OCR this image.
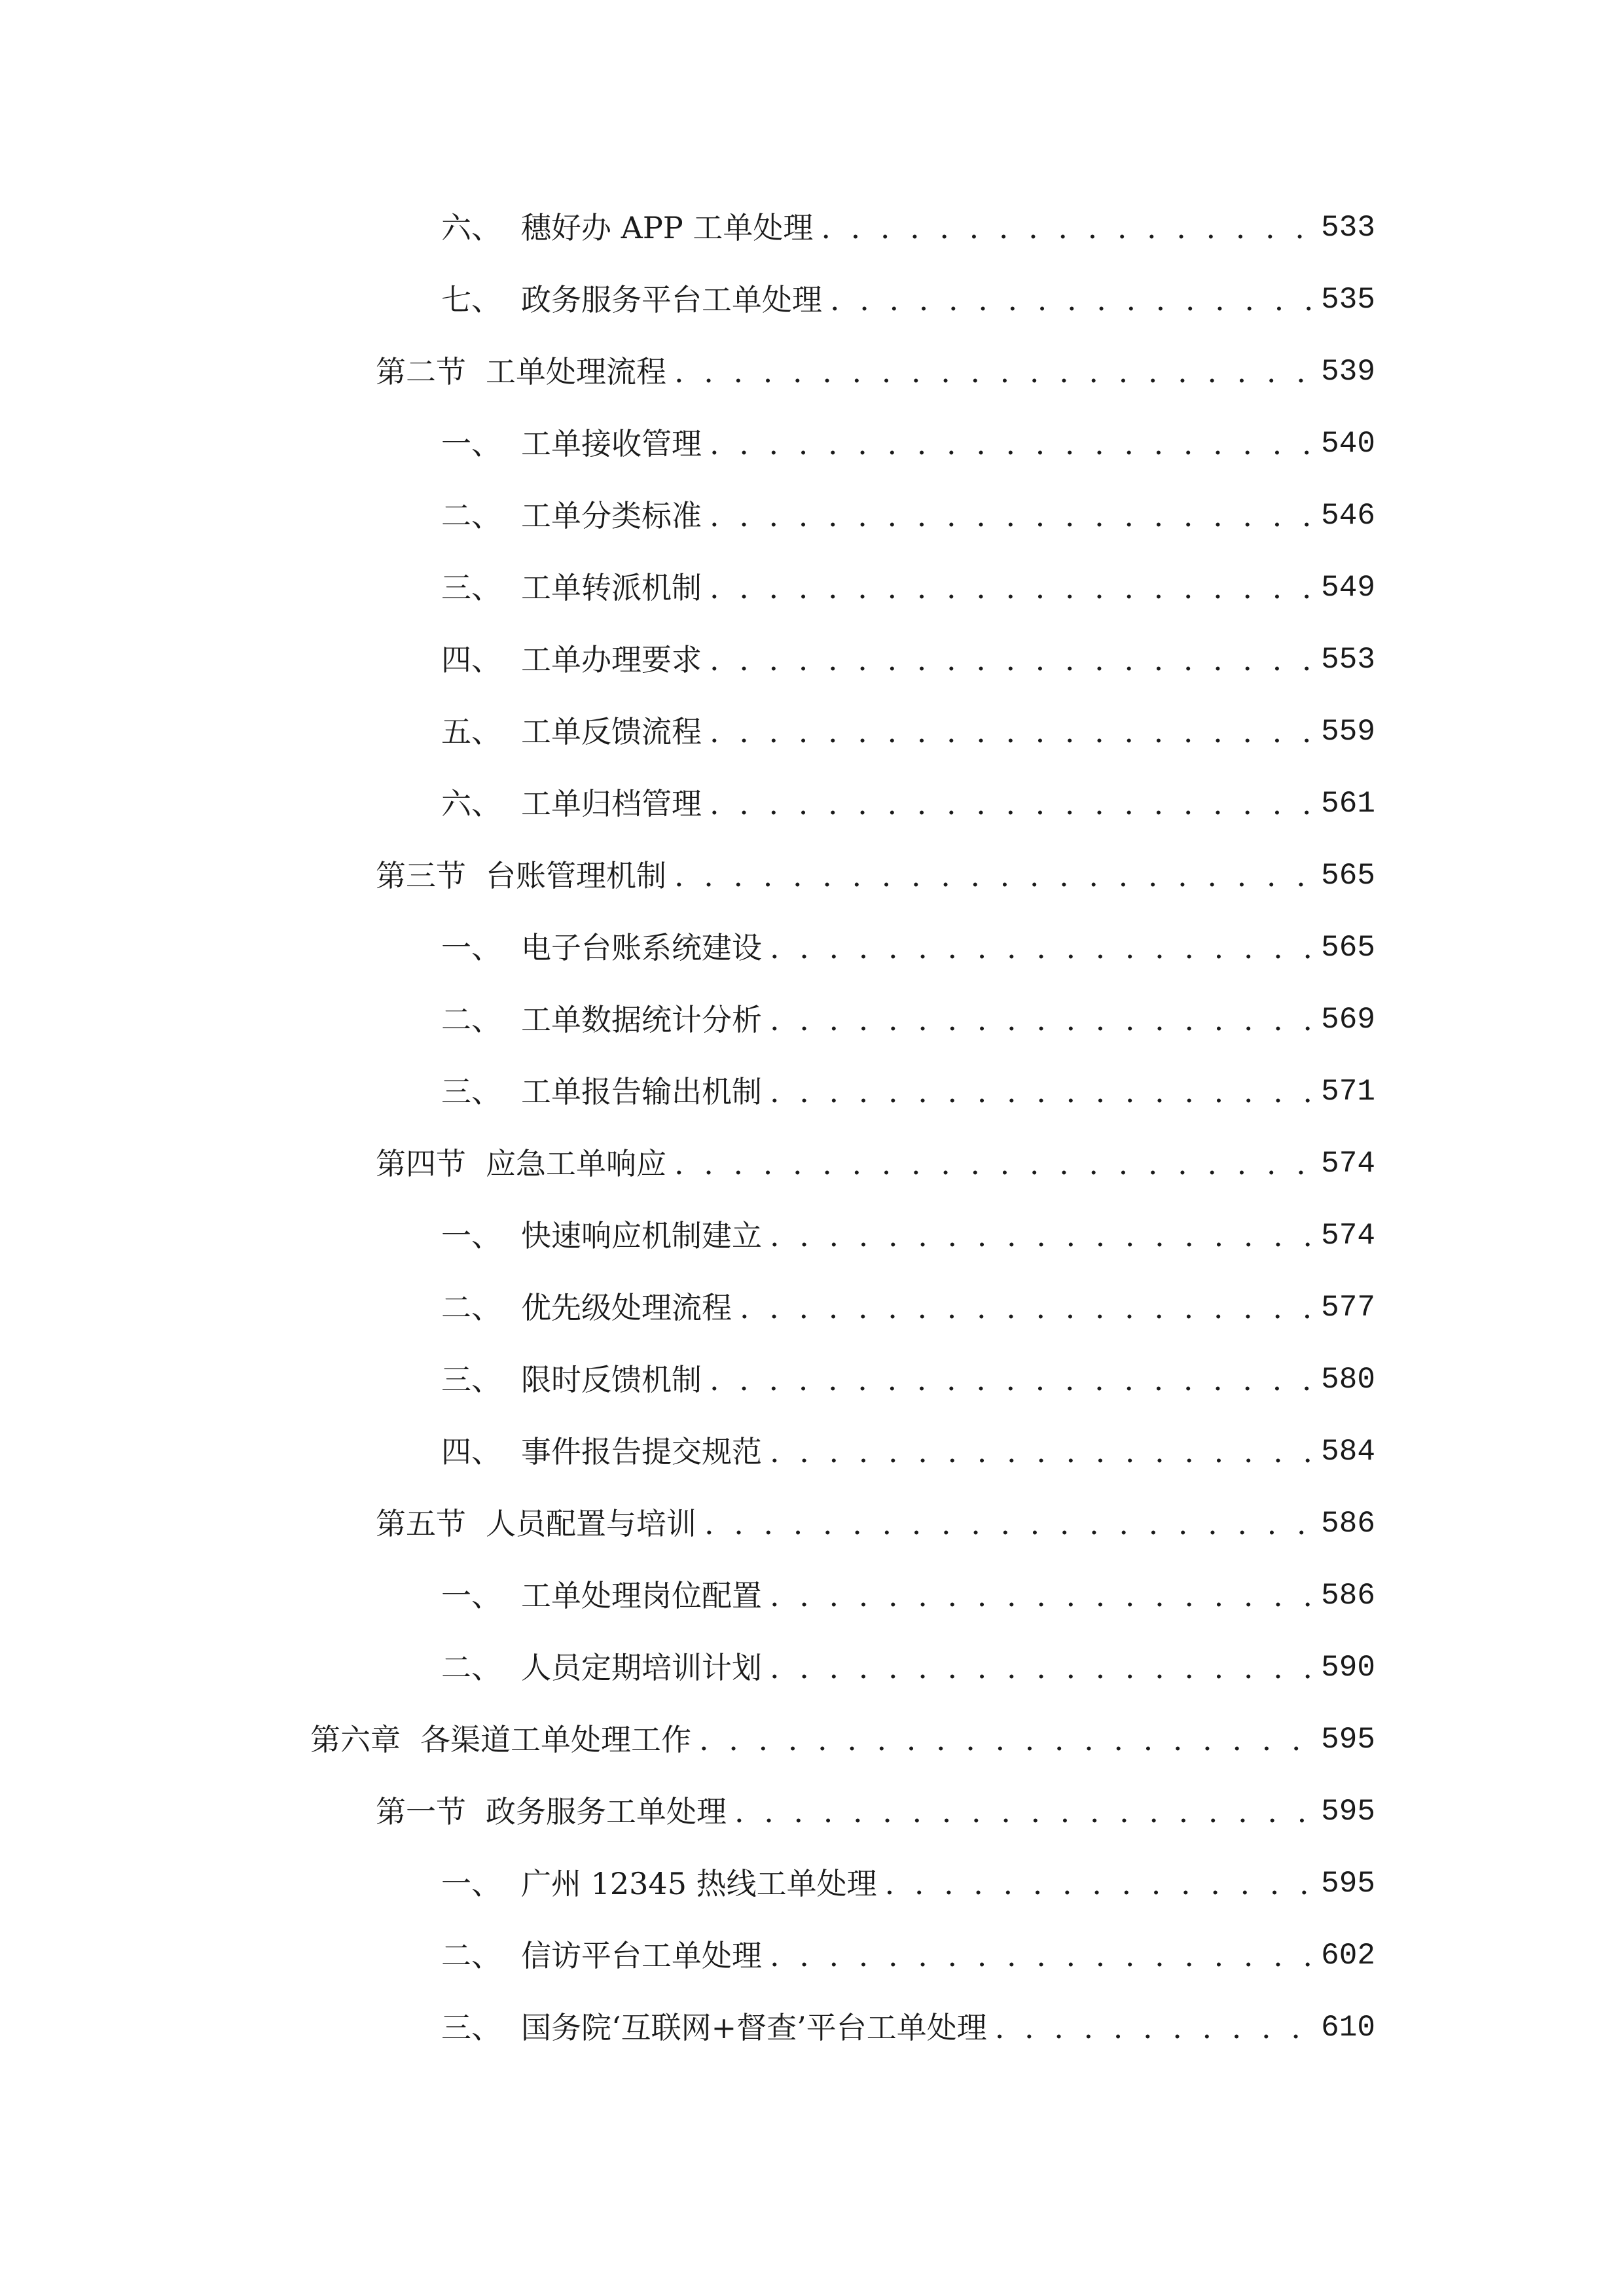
六、 穗好办 APP 工单处理 . . .	533
七、 政务服务平台工单处理 . . .	535
第二节 工单处理流程 . . .	539
一、 工单接收管理 . . .	540
二、 工单分类标准 . . .	546
三、 工单转派机制 . . .	549
四、 工单办理要求 . . .	553
五、 工单反馈流程 . . .	559
六、 工单归档管理 . . .	561
第三节 台账管理机制 . . .	565
一、 电子台账系统建设 . . .	565
二、 工单数据统计分析 . . .	569
三、 工单报告输出机制 . . .	571
第四节 应急工单响应 . . .	574
一、 快速响应机制建立 . . .	574
二、 优先级处理流程 . . .	577
三、 限时反馈机制 . . .	580
四、 事件报告提交规范 . . .	584
第五节 人员配置与培训 . . .	586
一、 工单处理岗位配置 . . .	586
二、 人员定期培训计划 . . .	590
第六章 各渠道工单处理工作 . . .	595
第一节 政务服务工单处理 . . .	595
一、 广州 12345 热线工单处理 . . .	595
二、 信访平台工单处理 . . .	602
三、 国务院‘互联网+督查’平台工单处理 . . .	610
